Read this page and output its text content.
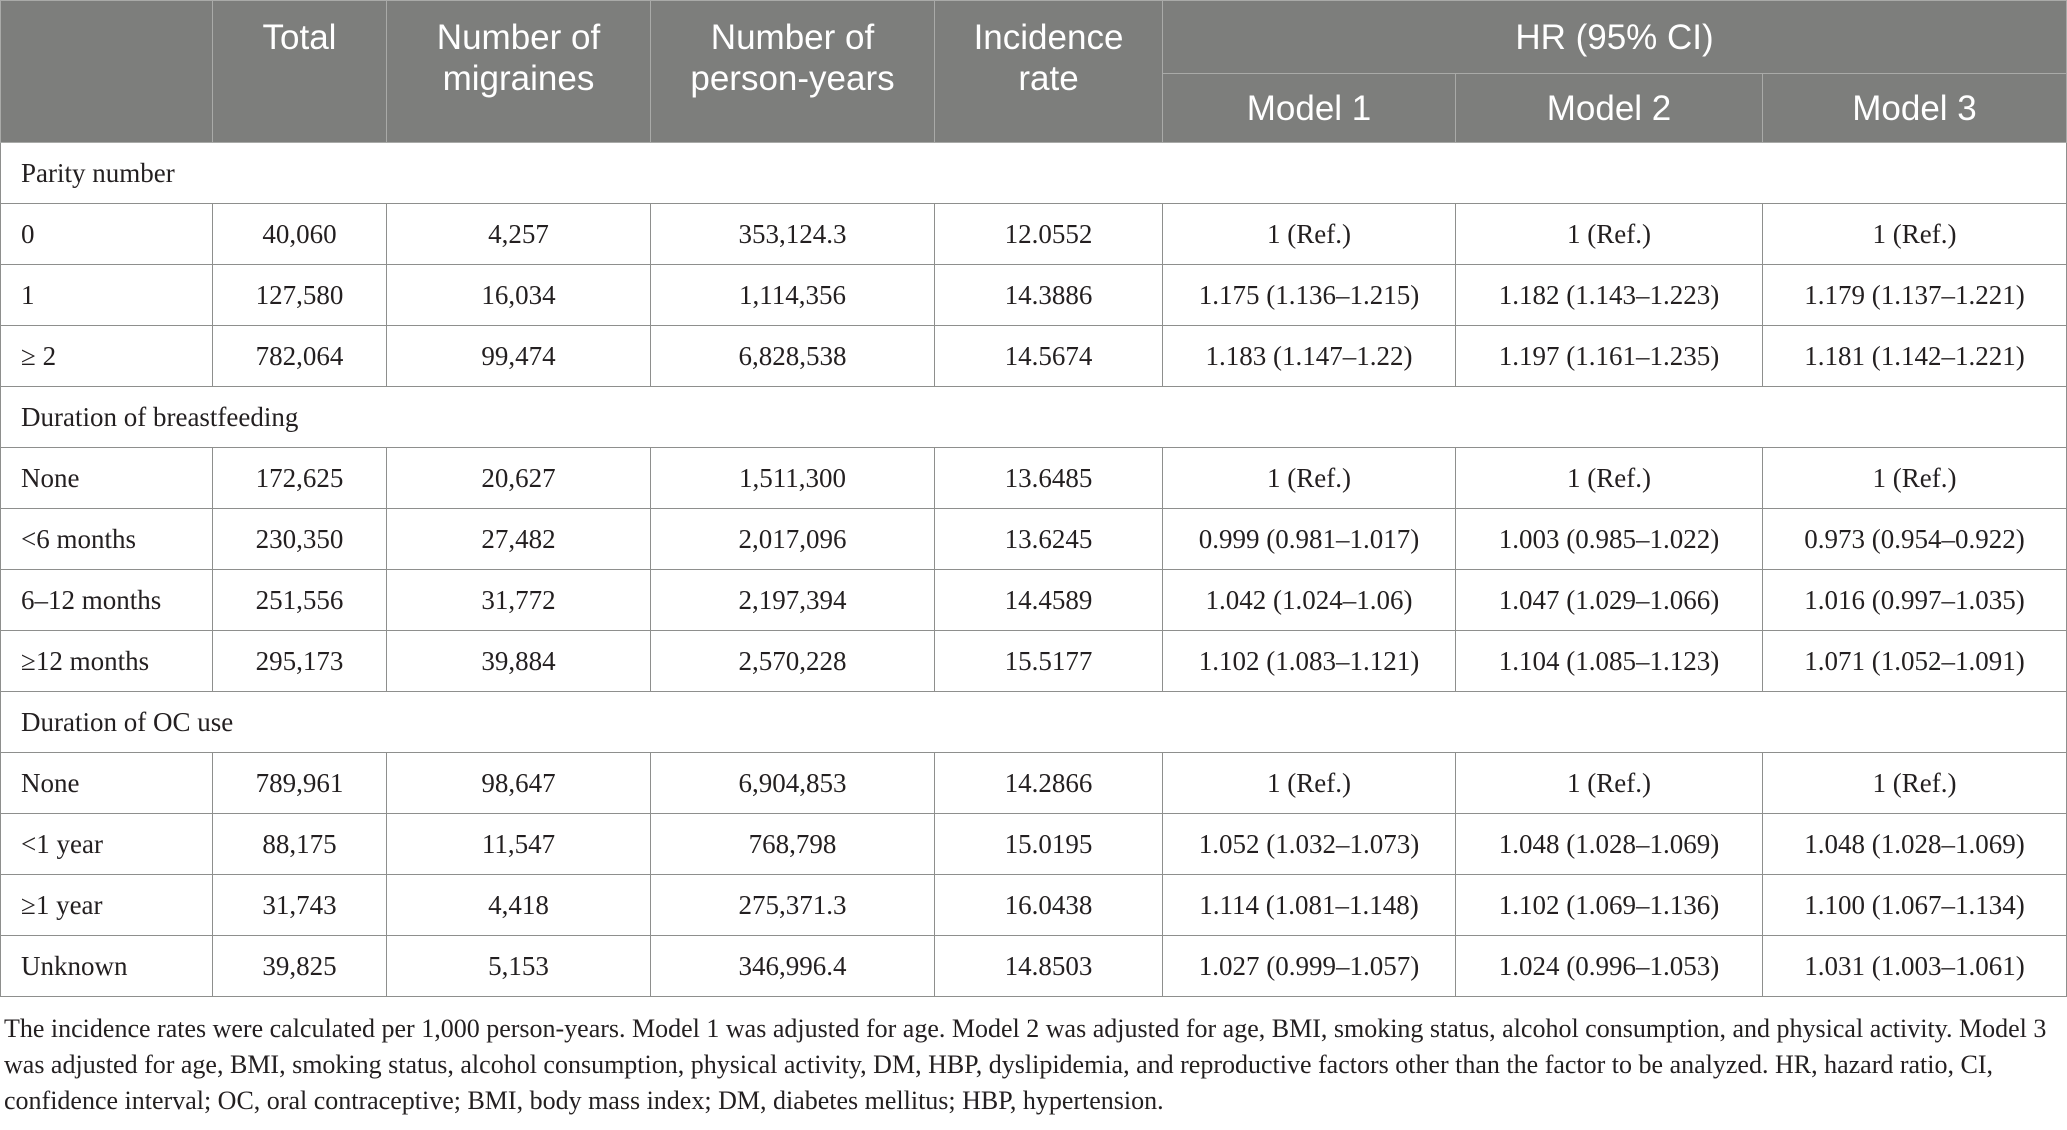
	Total	Number of migraines	Number of person-years	Incidence rate	HR (95% CI)		
					Model 1	Model 2	Model 3
Parity number							
0	40,060	4,257	353,124.3	12.0552	1 (Ref.)	1 (Ref.)	1 (Ref.)
1	127,580	16,034	1,114,356	14.3886	1.175 (1.136–1.215)	1.182 (1.143–1.223)	1.179 (1.137–1.221)
≥ 2	782,064	99,474	6,828,538	14.5674	1.183 (1.147–1.22)	1.197 (1.161–1.235)	1.181 (1.142–1.221)
Duration of breastfeeding							
None	172,625	20,627	1,511,300	13.6485	1 (Ref.)	1 (Ref.)	1 (Ref.)
<6 months	230,350	27,482	2,017,096	13.6245	0.999 (0.981–1.017)	1.003 (0.985–1.022)	0.973 (0.954–0.922)
6–12 months	251,556	31,772	2,197,394	14.4589	1.042 (1.024–1.06)	1.047 (1.029–1.066)	1.016 (0.997–1.035)
≥12 months	295,173	39,884	2,570,228	15.5177	1.102 (1.083–1.121)	1.104 (1.085–1.123)	1.071 (1.052–1.091)
Duration of OC use							
None	789,961	98,647	6,904,853	14.2866	1 (Ref.)	1 (Ref.)	1 (Ref.)
<1 year	88,175	11,547	768,798	15.0195	1.052 (1.032–1.073)	1.048 (1.028–1.069)	1.048 (1.028–1.069)
≥1 year	31,743	4,418	275,371.3	16.0438	1.114 (1.081–1.148)	1.102 (1.069–1.136)	1.100 (1.067–1.134)
Unknown	39,825	5,153	346,996.4	14.8503	1.027 (0.999–1.057)	1.024 (0.996–1.053)	1.031 (1.003–1.061)
The incidence rates were calculated per 1,000 person-years. Model 1 was adjusted for age. Model 2 was adjusted for age, BMI, smoking status, alcohol consumption, and physical activity. Model 3 was adjusted for age, BMI, smoking status, alcohol consumption, physical activity, DM, HBP, dyslipidemia, and reproductive factors other than the factor to be analyzed. HR, hazard ratio, CI, confidence interval; OC, oral contraceptive; BMI, body mass index; DM, diabetes mellitus; HBP, hypertension.
